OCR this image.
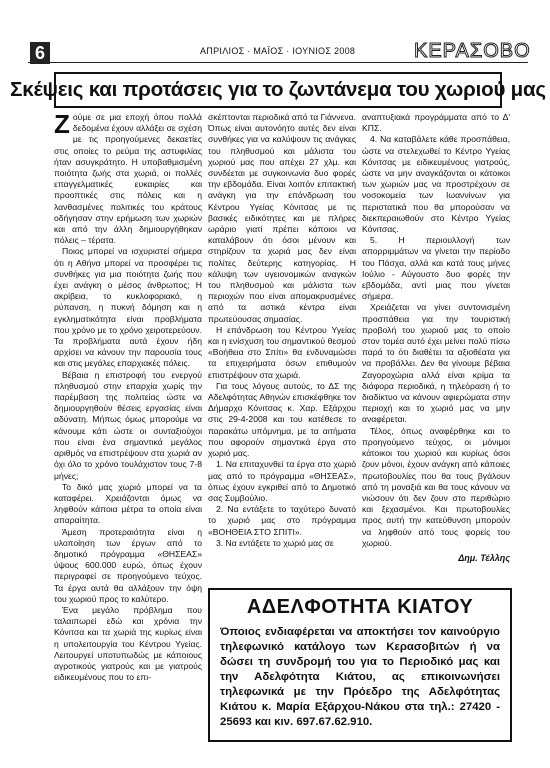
6	ΑΠΡΙΛΙΟΣ · ΜΑΪΟΣ · ΙΟΥΝΙΟΣ 2008	ΚΕΡΑΣΟΒΟ
Σκέψεις και προτάσεις για το ζωντάνεμα του χωριού μας
Ζ ούμε σε μια εποχή όπου πολλά δεδομένα έχουν αλλάξει σε σχέση με τις προηγούμενες δεκαετίες στις οποίες το ρεύμα της αστυφιλίας ήταν ασυγκράτητο. Η υποβαθμισμένη ποιότητα ζωής στα χωριά, οι πολλές επαγγελματικές ευκαιρίες και προοπτικές στις πόλεις και η λανθασμένες πολιτικές του κράτους οδήγησαν στην ερήμωση των χωριών και από την άλλη δημιουργήθηκαν πόλεις – τέρατα.

Ποιος μπορεί να ισχυριστεί σήμερα ότι η Αθήνα μπορεί να προσφέρει τις συνθήκες για μια ποιότητα ζωής που έχει ανάγκη ο μέσος άνθρωπος; Η ακρίβεια, το κυκλοφοριακό, η ρύπανση, η πυκνή δόμηση και η εγκληματικότητα είναι προβλήματα που χρόνο με το χρόνο χειροτερεύουν. Τα προβλήματα αυτά έχουν ήδη αρχίσει να κάνουν την παρουσία τους και στις μεγάλες επαρχιακές πόλεις.

Βέβαια η επιστροφή του ενεργού πληθυσμού στην επαρχία χωρίς την παρέμβαση της πολιτείας ώστε να δημιουργηθούν θέσεις εργασίας είναι αδύνατη. Μήπως όμως μπορούμε να κάνουμε κάτι ώστε οι συνταξιούχοι που είναι ένα σημαντικά μεγάλος αριθμός να επιστρέψουν στα χωριά αν όχι όλο το χρόνο τουλάχιστον τους 7-8 μήνες;

Το δικό μας χωριό μπορεί να τα καταφέρει. Χρειάζονται όμως να ληφθούν κάποια μέτρα τα οποία είναι απαραίτητα.

Άμεση προτεραιότητα είναι η υλοποίηση των έργων από το δημοτικό πρόγραμμα «ΘΗΣΕΑΣ» ύψους 600.000 ευρώ, όπως έχουν περιγραφεί σε προηγούμενο τεύχος. Τα έργα αυτά θα αλλάξουν την όψη του χωριού προς το καλύτερο.

Ένα μεγάλο πρόβλημα που ταλαιπωρεί εδώ και χρόνια την Κόνιτσα και τα χωριά της κυρίως είναι η υπολειτουργία του Κέντρου Υγείας. Λειτουργεί υποτυπωδώς με κάποιους αγροτικούς γιατρούς και με γιατρούς ειδικευμένους που το επι-

σκέπτονται περιοδικά από τα Γιάννενα. Όπως είναι αυτονόητο αυτές δεν είναι συνθήκες για να καλύψουν τις ανάγκες του πληθυσμού και μάλιστα του χωριού μας που απέχει 27 χλμ. και συνδέεται με συγκοινωνία δυο φορές την εβδομάδα. Είναι λοιπόν επιτακτική ανάγκη για την επάνδρωση του Κέντρου Υγείας Κόνιτσας με τις βασικές ειδικότητες και με πλήρες ωράριο γιατί πρέπει κάποιοι να καταλάβουν ότι όσοι μένουν και στηρίζουν τα χωριά μας δεν είναι πολίτες δεύτερης κατηγορίας. Η κάλυψη των υγειονομικών αναγκών του πληθυσμού και μάλιστα των περιοχών που είναι απομακρυσμένες από τα αστικά κέντρα είναι πρωτεύουσας σημασίας.

Η επάνδρωση του Κέντρου Υγείας και η ενίσχυση του σημαντικού θεσμού «Βοήθεια στο Σπίτι» θα ενδυναμώσει τα επιχειρήματα όσων επιθυμούν επιστρέψουν στα χωριά.

Για τους λόγους αυτούς, το ΔΣ της Αδελφότητας Αθηνών επισκέφθηκε τον Δήμαρχο Κόνιτσας κ. Χαρ. Εξάρχου στις 29-4-2008 και του κατέθεσε το παρακάτω υπόμνημα, με τα αιτήματα που αφορούν σημαντικά έργα στο χωριό μας.

1. Να επιταχυνθεί τα έργα στο χωριό μας από το πρόγραμμα «ΘΗΣΕΑΣ», όπως έχουν εγκριθεί από το Δημοτικό σας Συμβούλιο.

2. Να εντάξετε το ταχύτερο δυνατό το χωριό μας στο πρόγραμμα «ΒΟΗΘΕΙΑ ΣΤΟ ΣΠΙΤΙ».

3. Να εντάξετε το χωριό μας σε

αναπτυξιακά προγράμματα από το Δ' ΚΠΣ.

4. Να καταβάλετε κάθε προσπάθεια, ώστε να στελεχωθεί το Κέντρο Υγείας Κόνιτσας με ειδικευμένους γιατρούς, ώστε να μην αναγκάζονται οι κάτοικοι των χωριών μας να προστρέχουν σε νοσοκομεία των Ιωαννίνων για περιστατικά που θα μπορούσαν να διεκπεραιωθούν στο Κέντρο Υγείας Κόνιτσας.

5. Η περιουλλογή των απορριμμάτων να γίνεται την περίοδο του Πάσχα, αλλά και κατά τους μήνες Ιούλιο - Αύγουστο δυο φορές την εβδομάδα, αντί μιας που γίνεται σήμερα.

Χρειάζεται να γίνει συντονισμένη προσπάθεια για την τουριστική προβολή του χωριού μας το οποίο στον τομέα αυτό έχει μείνει πολύ πίσω παρά το ότι διαθέτει τα αξιοθέατα για να προβάλλει. Δεν θα γίνουμε βέβαια Ζαγοροχώρια αλλά είναι κρίμα τα διάφορα περιοδικά, η τηλεόραση ή το διαδίκτυο να κάνουν αφιερώματα στην περιοχή και το χωριό μας να μην αναφέρεται.

Τέλος, όπως αναφέρθηκε και το προηγούμενο τεύχος, οι μόνιμοι κάτοικοι του χωριού και κυρίως όσοι ζουν μόνοι, έχουν ανάγκη από κάποιες πρωτοβουλίες που θα τους βγάλουν από τη μοναξιά και θα τους κάνουν να νιώσουν ότι δεν ζουν στο περιθώριο και ξεχασμένοι. Και πρωτοβουλίες προς αυτή την κατεύθυνση μπορούν να ληφθούν από τους φορείς του χωριού.

Δημ. Τέλλης
ΑΔΕΛΦΟΤΗΤΑ ΚΙΑΤΟΥ
Όποιος ενδιαφέρεται να αποκτήσει τον καινούργιο τηλεφωνικό κατάλογο των Κερασοβιτών ή να δώσει τη συνδρομή του για το Περιοδικό μας και την Αδελφότητα Κιάτου, ας επικοινωνήσει τηλεφωνικά με την Πρόεδρο της Αδελφότητας Κιάτου κ. Μαρία Εξάρχου-Νάκου στα τηλ.: 27420 - 25693 και κιν. 697.67.62.910.
